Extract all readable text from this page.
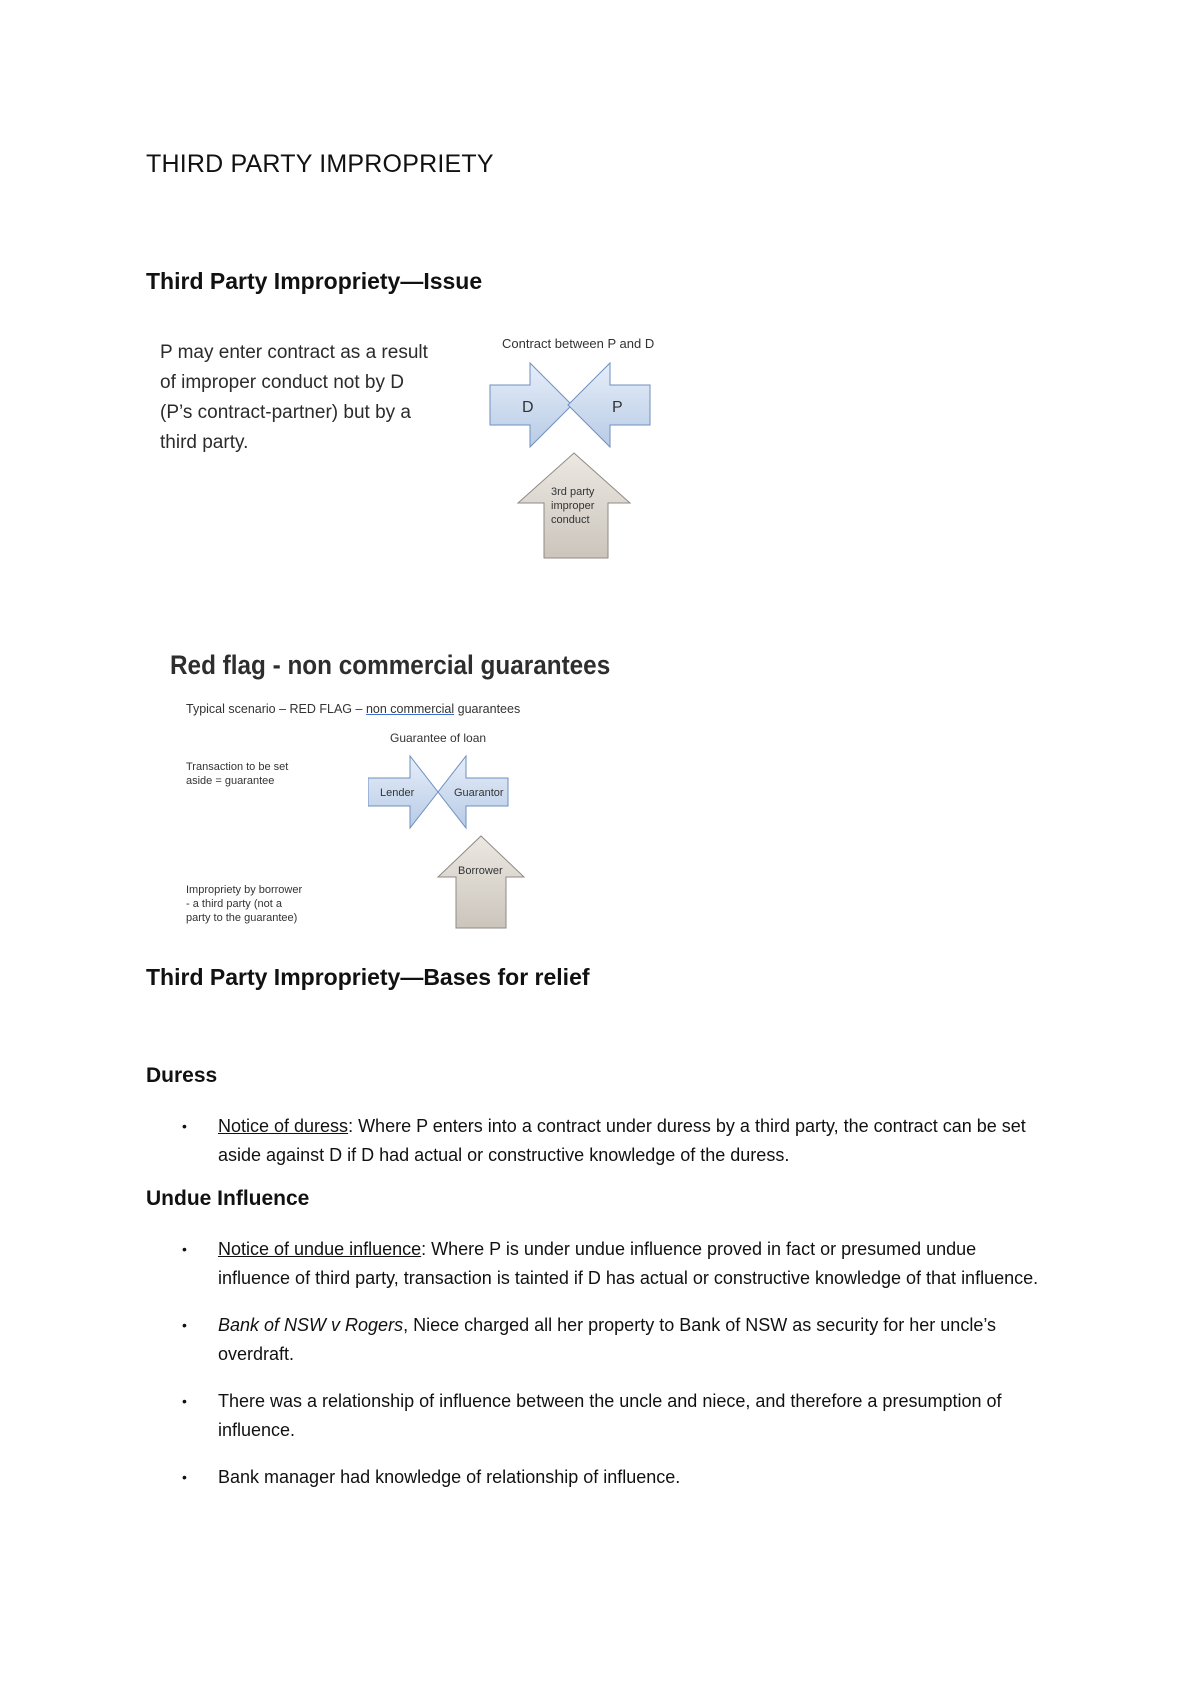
THIRD PARTY IMPROPRIETY
Third Party Impropriety—Issue
P may enter contract as a result
of improper conduct not by D
(P’s contract-partner) but by a
third party.
Contract between P and D
D	P
3rd party
improper
conduct
Red flag - non commercial guarantees
Typical scenario – RED FLAG – non commercial guarantees
Transaction to be set
aside = guarantee
Impropriety by borrower
- a third party (not a
party to the guarantee)
Guarantee of loan
Lender	Guarantor
Borrower
Third Party Impropriety—Bases for relief
Duress
• Notice of duress: Where P enters into a contract under duress by a third party, the contract can be set aside against D if D had actual or constructive knowledge of the duress.
Undue Influence
• Notice of undue influence: Where P is under undue influence proved in fact or presumed undue influence of third party, transaction is tainted if D has actual or constructive knowledge of that influence.
• Bank of NSW v Rogers, Niece charged all her property to Bank of NSW as security for her uncle’s overdraft.
• There was a relationship of influence between the uncle and niece, and therefore a presumption of influence.
• Bank manager had knowledge of relationship of influence.
